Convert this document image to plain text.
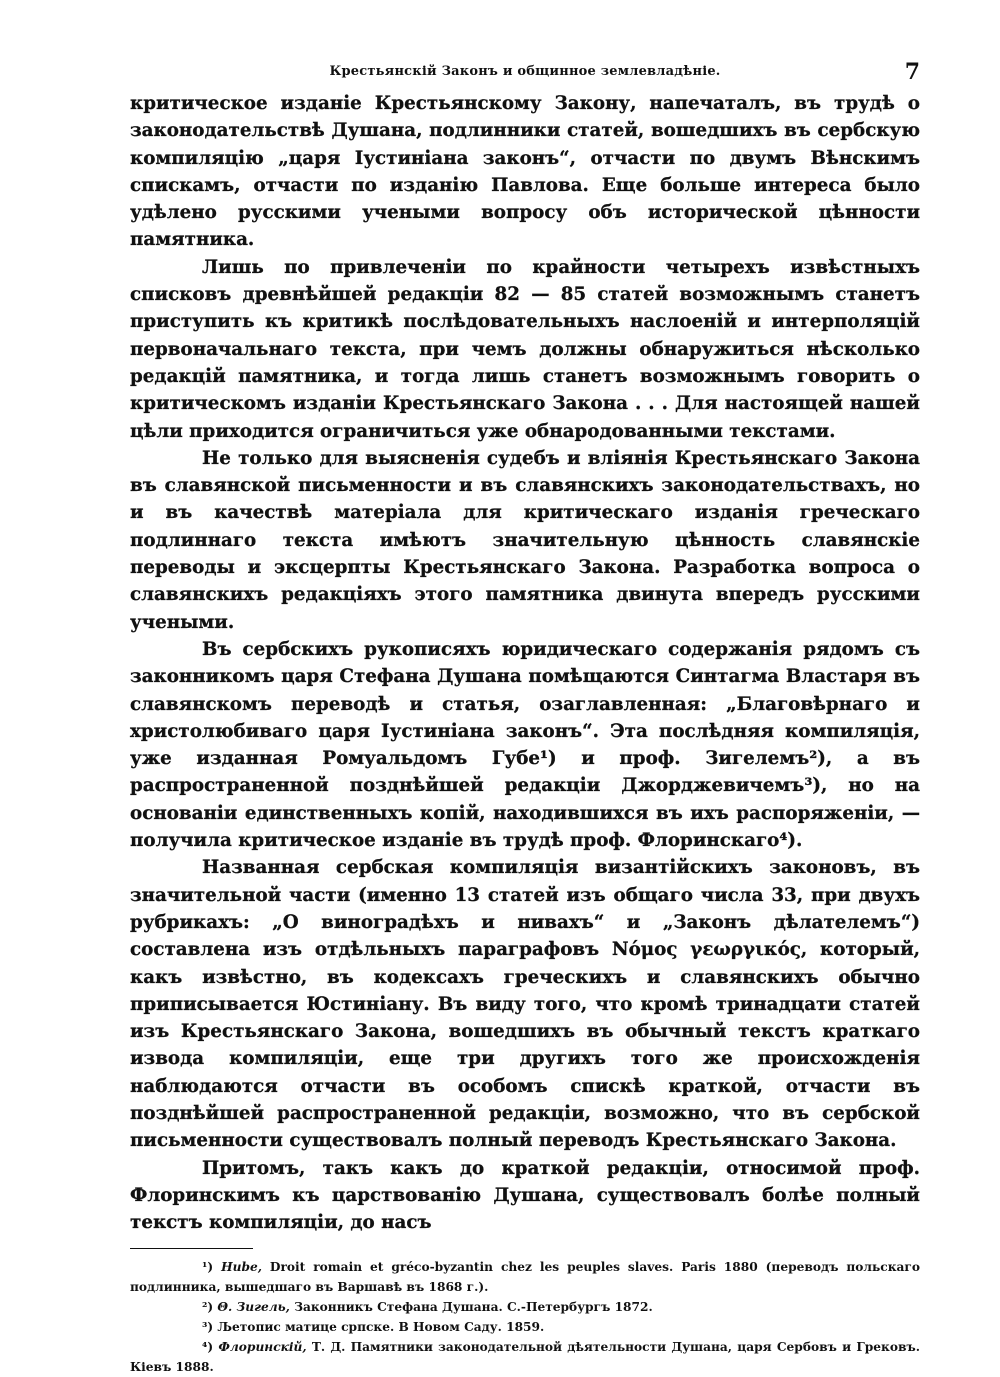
Крестьянскій Законъ и общинное землевладѣніе.	7

критическое изданіе Крестьянскому Закону, напечаталъ, въ трудѣ о законодательствѣ Душана, подлинники статей, вошедшихъ въ сербскую компиляцію „царя Іустиніана законъ“, отчасти по двумъ Вѣнскимъ спискамъ, отчасти по изданію Павлова. Еще больше интереса было удѣлено русскими учеными вопросу объ исторической цѣнности памятника.

Лишь по привлеченіи по крайности четырехъ извѣстныхъ списковъ древнѣйшей редакціи 82 — 85 статей возможнымъ станетъ приступить къ критикѣ послѣдовательныхъ наслоеній и интерполяцій первоначальнаго текста, при чемъ должны обнаружиться нѣсколько редакцій памятника, и тогда лишь станетъ возможнымъ говорить о критическомъ изданіи Крестьянскаго Закона . . . Для настоящей нашей цѣли приходится ограничиться уже обнародованными текстами.

Не только для выясненія судебъ и вліянія Крестьянскаго Закона въ славянской письменности и въ славянскихъ законодательствахъ, но и въ качествѣ матеріала для критическаго изданія греческаго подлиннаго текста имѣютъ значительную цѣнность славянскіе переводы и эксцерпты Крестьянскаго Закона. Разработка вопроса о славянскихъ редакціяхъ этого памятника двинута впередъ русскими учеными.

Въ сербскихъ рукописяхъ юридическаго содержанія рядомъ съ законникомъ царя Стефана Душана помѣщаются Синтагма Властаря въ славянскомъ переводѣ и статья, озаглавленная: „Благовѣрнаго и христолюбиваго царя Іустиніана законъ“. Эта послѣдняя компиляція, уже изданная Ромуальдомъ Губе¹) и проф. Зигелемъ²), а въ распространенной позднѣйшей редакціи Джорджевичемъ³), но на основаніи единственныхъ копій, находившихся въ ихъ распоряженіи, — получила критическое изданіе въ трудѣ проф. Флоринскаго⁴).

Названная сербская компиляція византійскихъ законовъ, въ значительной части (именно 13 статей изъ общаго числа 33, при двухъ рубрикахъ: „О виноградѣхъ и нивахъ“ и „Законъ дѣлателемъ“) составлена изъ отдѣльныхъ параграфовъ Νόμος γεωργικός, который, какъ извѣстно, въ кодексахъ греческихъ и славянскихъ обычно приписывается Юстиніану. Въ виду того, что кромѣ тринадцати статей изъ Крестьянскаго Закона, вошедшихъ въ обычный текстъ краткаго извода компиляціи, еще три другихъ того же происхожденія наблюдаются отчасти въ особомъ спискѣ краткой, отчасти въ позднѣйшей распространенной редакціи, возможно, что въ сербской письменности существовалъ полный переводъ Крестьянскаго Закона.

Притомъ, такъ какъ до краткой редакціи, относимой проф. Флоринскимъ къ царствованію Душана, существовалъ болѣе полный текстъ компиляціи, до насъ

¹) Hube, Droit romain et gréco-byzantin chez les peuples slaves. Paris 1880 (переводъ польскаго подлинника, вышедшаго въ Варшавѣ въ 1868 г.).

²) Θ. Зигель, Законникъ Стефана Душана. С.-Петербургъ 1872.

³) Љетопис матице српске. В Новом Саду. 1859.

⁴) Флоринскій, Т. Д. Памятники законодательной дѣятельности Душана, царя Сербовъ и Грековъ. Кіевъ 1888.
